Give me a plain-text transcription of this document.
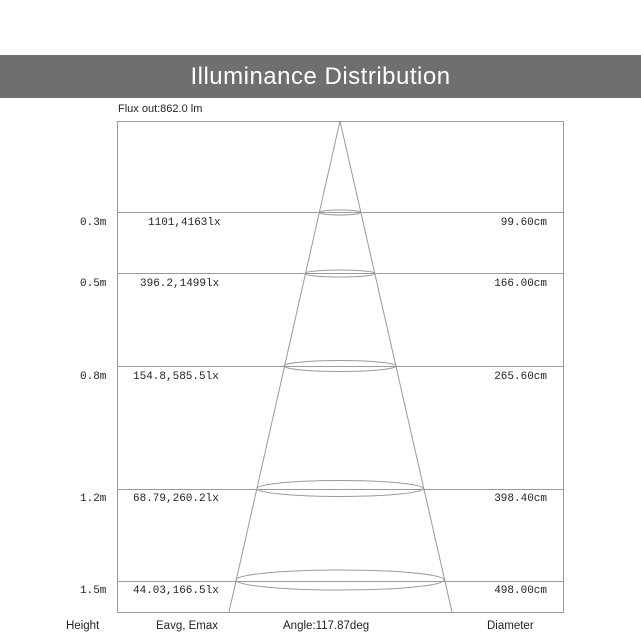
Illuminance Distribution
Flux out:862.0 lm
0.3m	1101,4163lx	99.60cm
0.5m	396.2,1499lx	166.00cm
0.8m 154.8,585.5lx	265.60cm
1.2m 68.79,260.2lx	398.40cm
1.5m 44.03,166.5lx	498.00cm
Height	Eavg, Emax	Angle:117.87deg	Diameter
